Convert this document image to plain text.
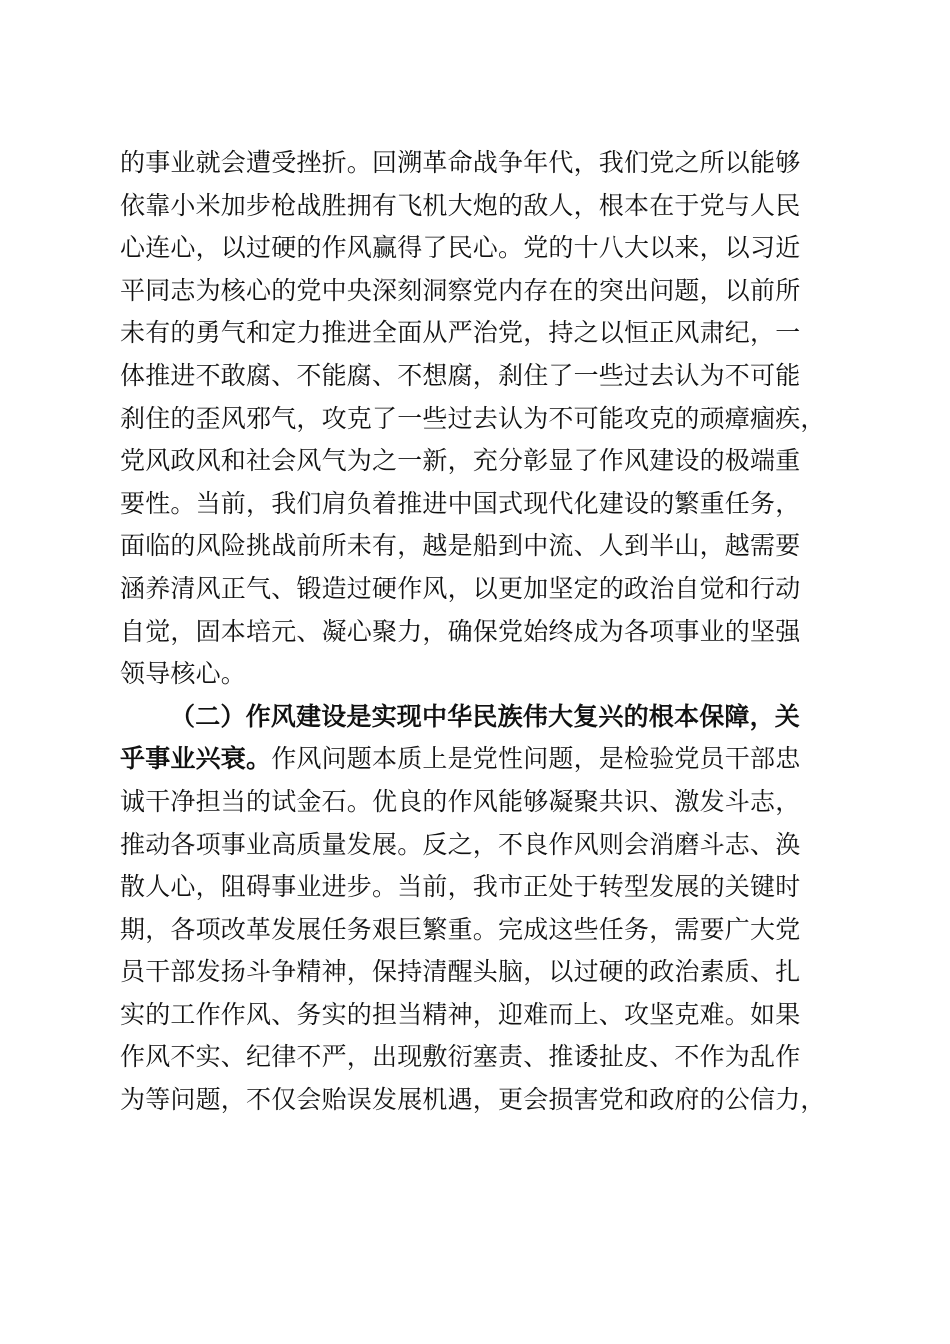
的事业就会遭受挫折。回溯革命战争年代，我们党之所以能够
依靠小米加步枪战胜拥有飞机大炮的敌人，根本在于党与人民
心连心，以过硬的作风赢得了民心。党的十八大以来，以习近
平同志为核心的党中央深刻洞察党内存在的突出问题，以前所
未有的勇气和定力推进全面从严治党，持之以恒正风肃纪，一
体推进不敢腐、不能腐、不想腐，刹住了一些过去认为不可能
刹住的歪风邪气，攻克了一些过去认为不可能攻克的顽瘴痼疾，
党风政风和社会风气为之一新，充分彰显了作风建设的极端重
要性。当前，我们肩负着推进中国式现代化建设的繁重任务，
面临的风险挑战前所未有，越是船到中流、人到半山，越需要
涵养清风正气、锻造过硬作风，以更加坚定的政治自觉和行动
自觉，固本培元、凝心聚力，确保党始终成为各项事业的坚强
领导核心。
（二）作风建设是实现中华民族伟大复兴的根本保障，关
乎事业兴衰。作风问题本质上是党性问题，是检验党员干部忠
诚干净担当的试金石。优良的作风能够凝聚共识、激发斗志，
推动各项事业高质量发展。反之，不良作风则会消磨斗志、涣
散人心，阻碍事业进步。当前，我市正处于转型发展的关键时
期，各项改革发展任务艰巨繁重。完成这些任务，需要广大党
员干部发扬斗争精神，保持清醒头脑，以过硬的政治素质、扎
实的工作作风、务实的担当精神，迎难而上、攻坚克难。如果
作风不实、纪律不严，出现敷衍塞责、推诿扯皮、不作为乱作
为等问题，不仅会贻误发展机遇，更会损害党和政府的公信力，
